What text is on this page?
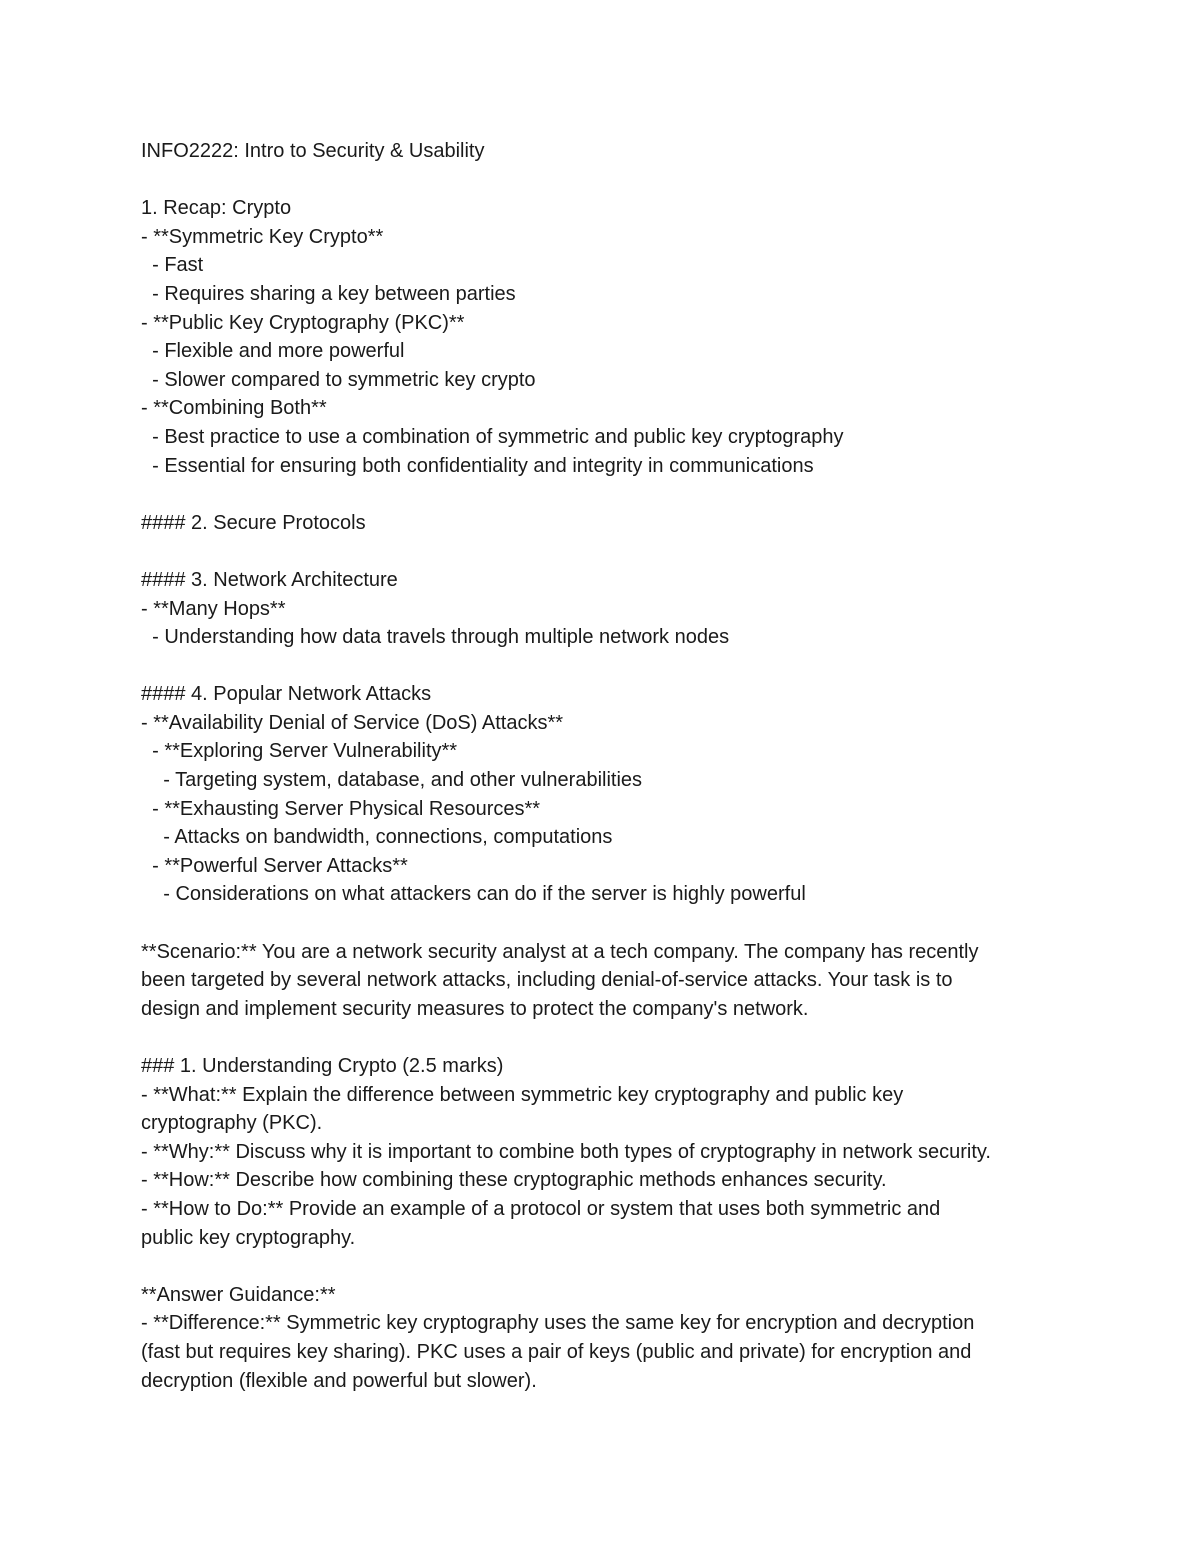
INFO2222: Intro to Security & Usability

1. Recap: Crypto

- **Symmetric Key Crypto**

- Fast

- Requires sharing a key between parties

- **Public Key Cryptography (PKC)**

- Flexible and more powerful

- Slower compared to symmetric key crypto

- **Combining Both**

- Best practice to use a combination of symmetric and public key cryptography

- Essential for ensuring both confidentiality and integrity in communications

#### 2. Secure Protocols

#### 3. Network Architecture

- **Many Hops**

- Understanding how data travels through multiple network nodes

#### 4. Popular Network Attacks

- **Availability Denial of Service (DoS) Attacks**

- **Exploring Server Vulnerability**

- Targeting system, database, and other vulnerabilities

- **Exhausting Server Physical Resources**

- Attacks on bandwidth, connections, computations

- **Powerful Server Attacks**

- Considerations on what attackers can do if the server is highly powerful

**Scenario:** You are a network security analyst at a tech company. The company has recently

been targeted by several network attacks, including denial-of-service attacks. Your task is to

design and implement security measures to protect the company's network.

### 1. Understanding Crypto (2.5 marks)

- **What:** Explain the difference between symmetric key cryptography and public key

cryptography (PKC).

- **Why:** Discuss why it is important to combine both types of cryptography in network security.

- **How:** Describe how combining these cryptographic methods enhances security.

- **How to Do:** Provide an example of a protocol or system that uses both symmetric and

public key cryptography.

**Answer Guidance:**

- **Difference:** Symmetric key cryptography uses the same key for encryption and decryption

(fast but requires key sharing). PKC uses a pair of keys (public and private) for encryption and

decryption (flexible and powerful but slower).
